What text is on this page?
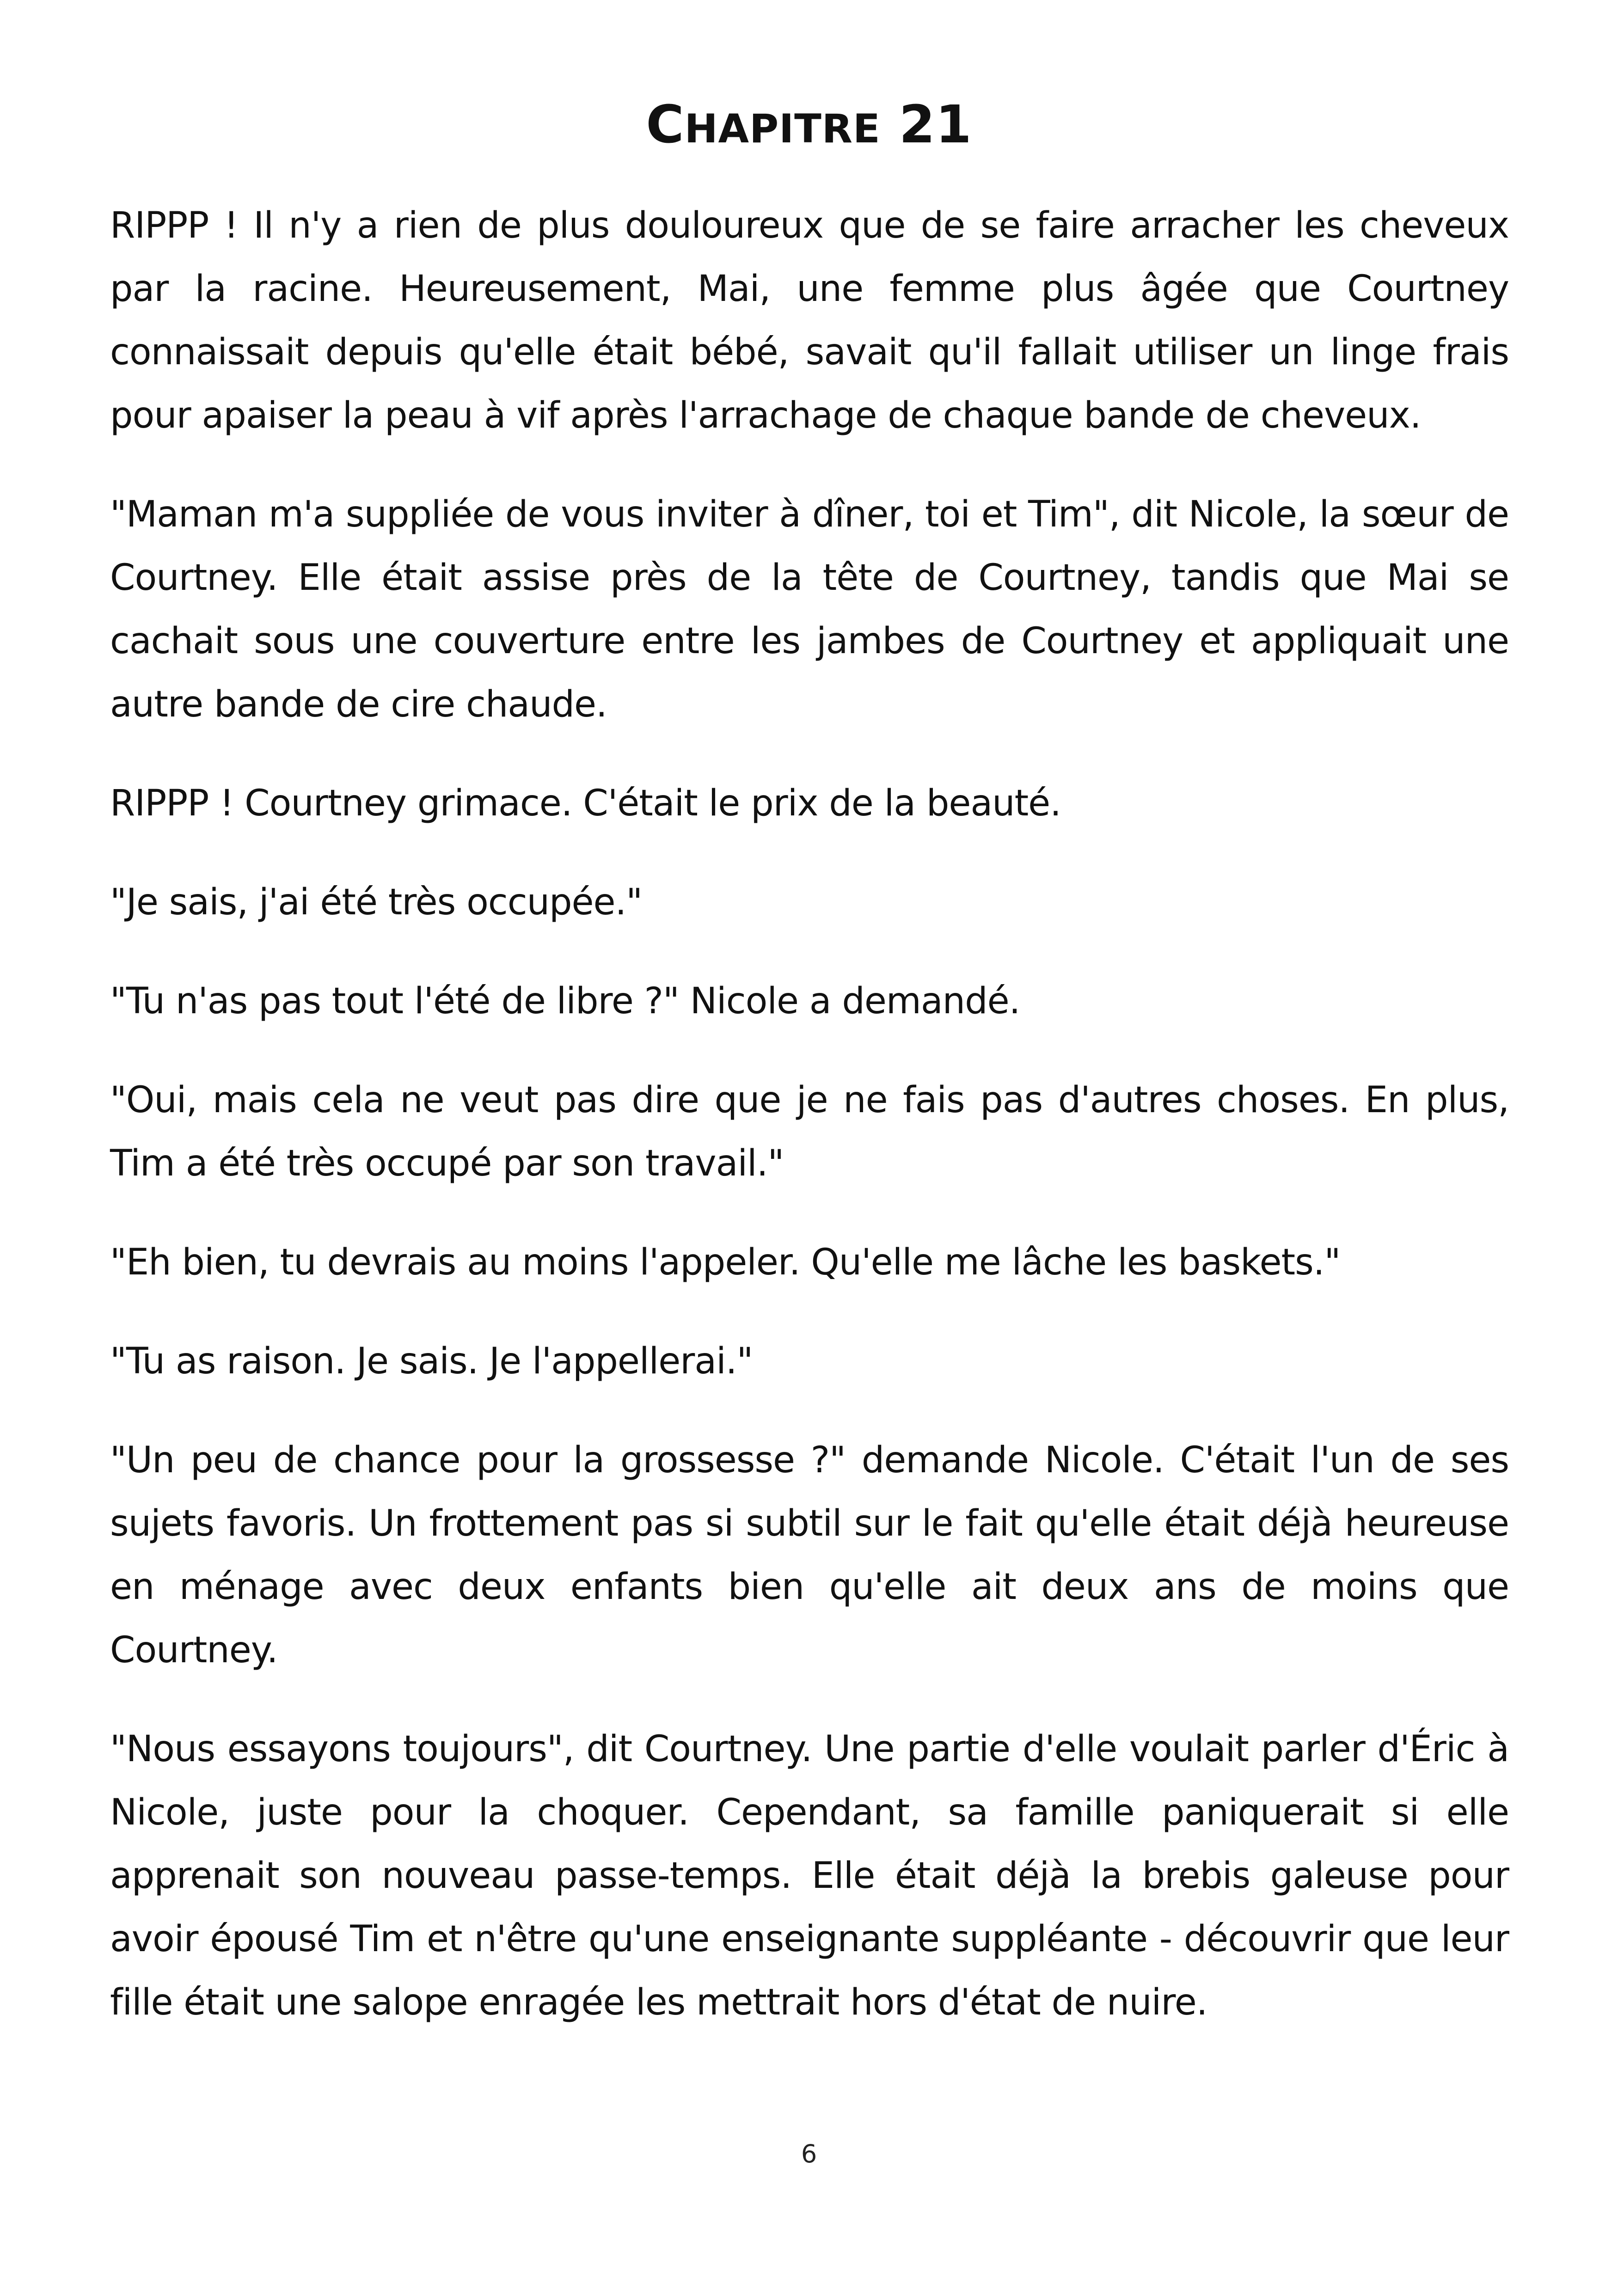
CHAPITRE 21

RIPPP ! Il n'y a rien de plus douloureux que de se faire arracher les cheveux par la racine. Heureusement, Mai, une femme plus âgée que Courtney connaissait depuis qu'elle était bébé, savait qu'il fallait utiliser un linge frais pour apaiser la peau à vif après l'arrachage de chaque bande de cheveux.

"Maman m'a suppliée de vous inviter à dîner, toi et Tim", dit Nicole, la sœur de Courtney. Elle était assise près de la tête de Courtney, tandis que Mai se cachait sous une couverture entre les jambes de Courtney et appliquait une autre bande de cire chaude.

RIPPP ! Courtney grimace. C'était le prix de la beauté.

"Je sais, j'ai été très occupée."

"Tu n'as pas tout l'été de libre ?" Nicole a demandé.

"Oui, mais cela ne veut pas dire que je ne fais pas d'autres choses. En plus, Tim a été très occupé par son travail."

"Eh bien, tu devrais au moins l'appeler. Qu'elle me lâche les baskets."

"Tu as raison. Je sais. Je l'appellerai."

"Un peu de chance pour la grossesse ?" demande Nicole. C'était l'un de ses sujets favoris. Un frottement pas si subtil sur le fait qu'elle était déjà heureuse en ménage avec deux enfants bien qu'elle ait deux ans de moins que Courtney.

"Nous essayons toujours", dit Courtney. Une partie d'elle voulait parler d'Éric à Nicole, juste pour la choquer. Cependant, sa famille paniquerait si elle apprenait son nouveau passe-temps. Elle était déjà la brebis galeuse pour avoir épousé Tim et n'être qu'une enseignante suppléante - découvrir que leur fille était une salope enragée les mettrait hors d'état de nuire.

6
